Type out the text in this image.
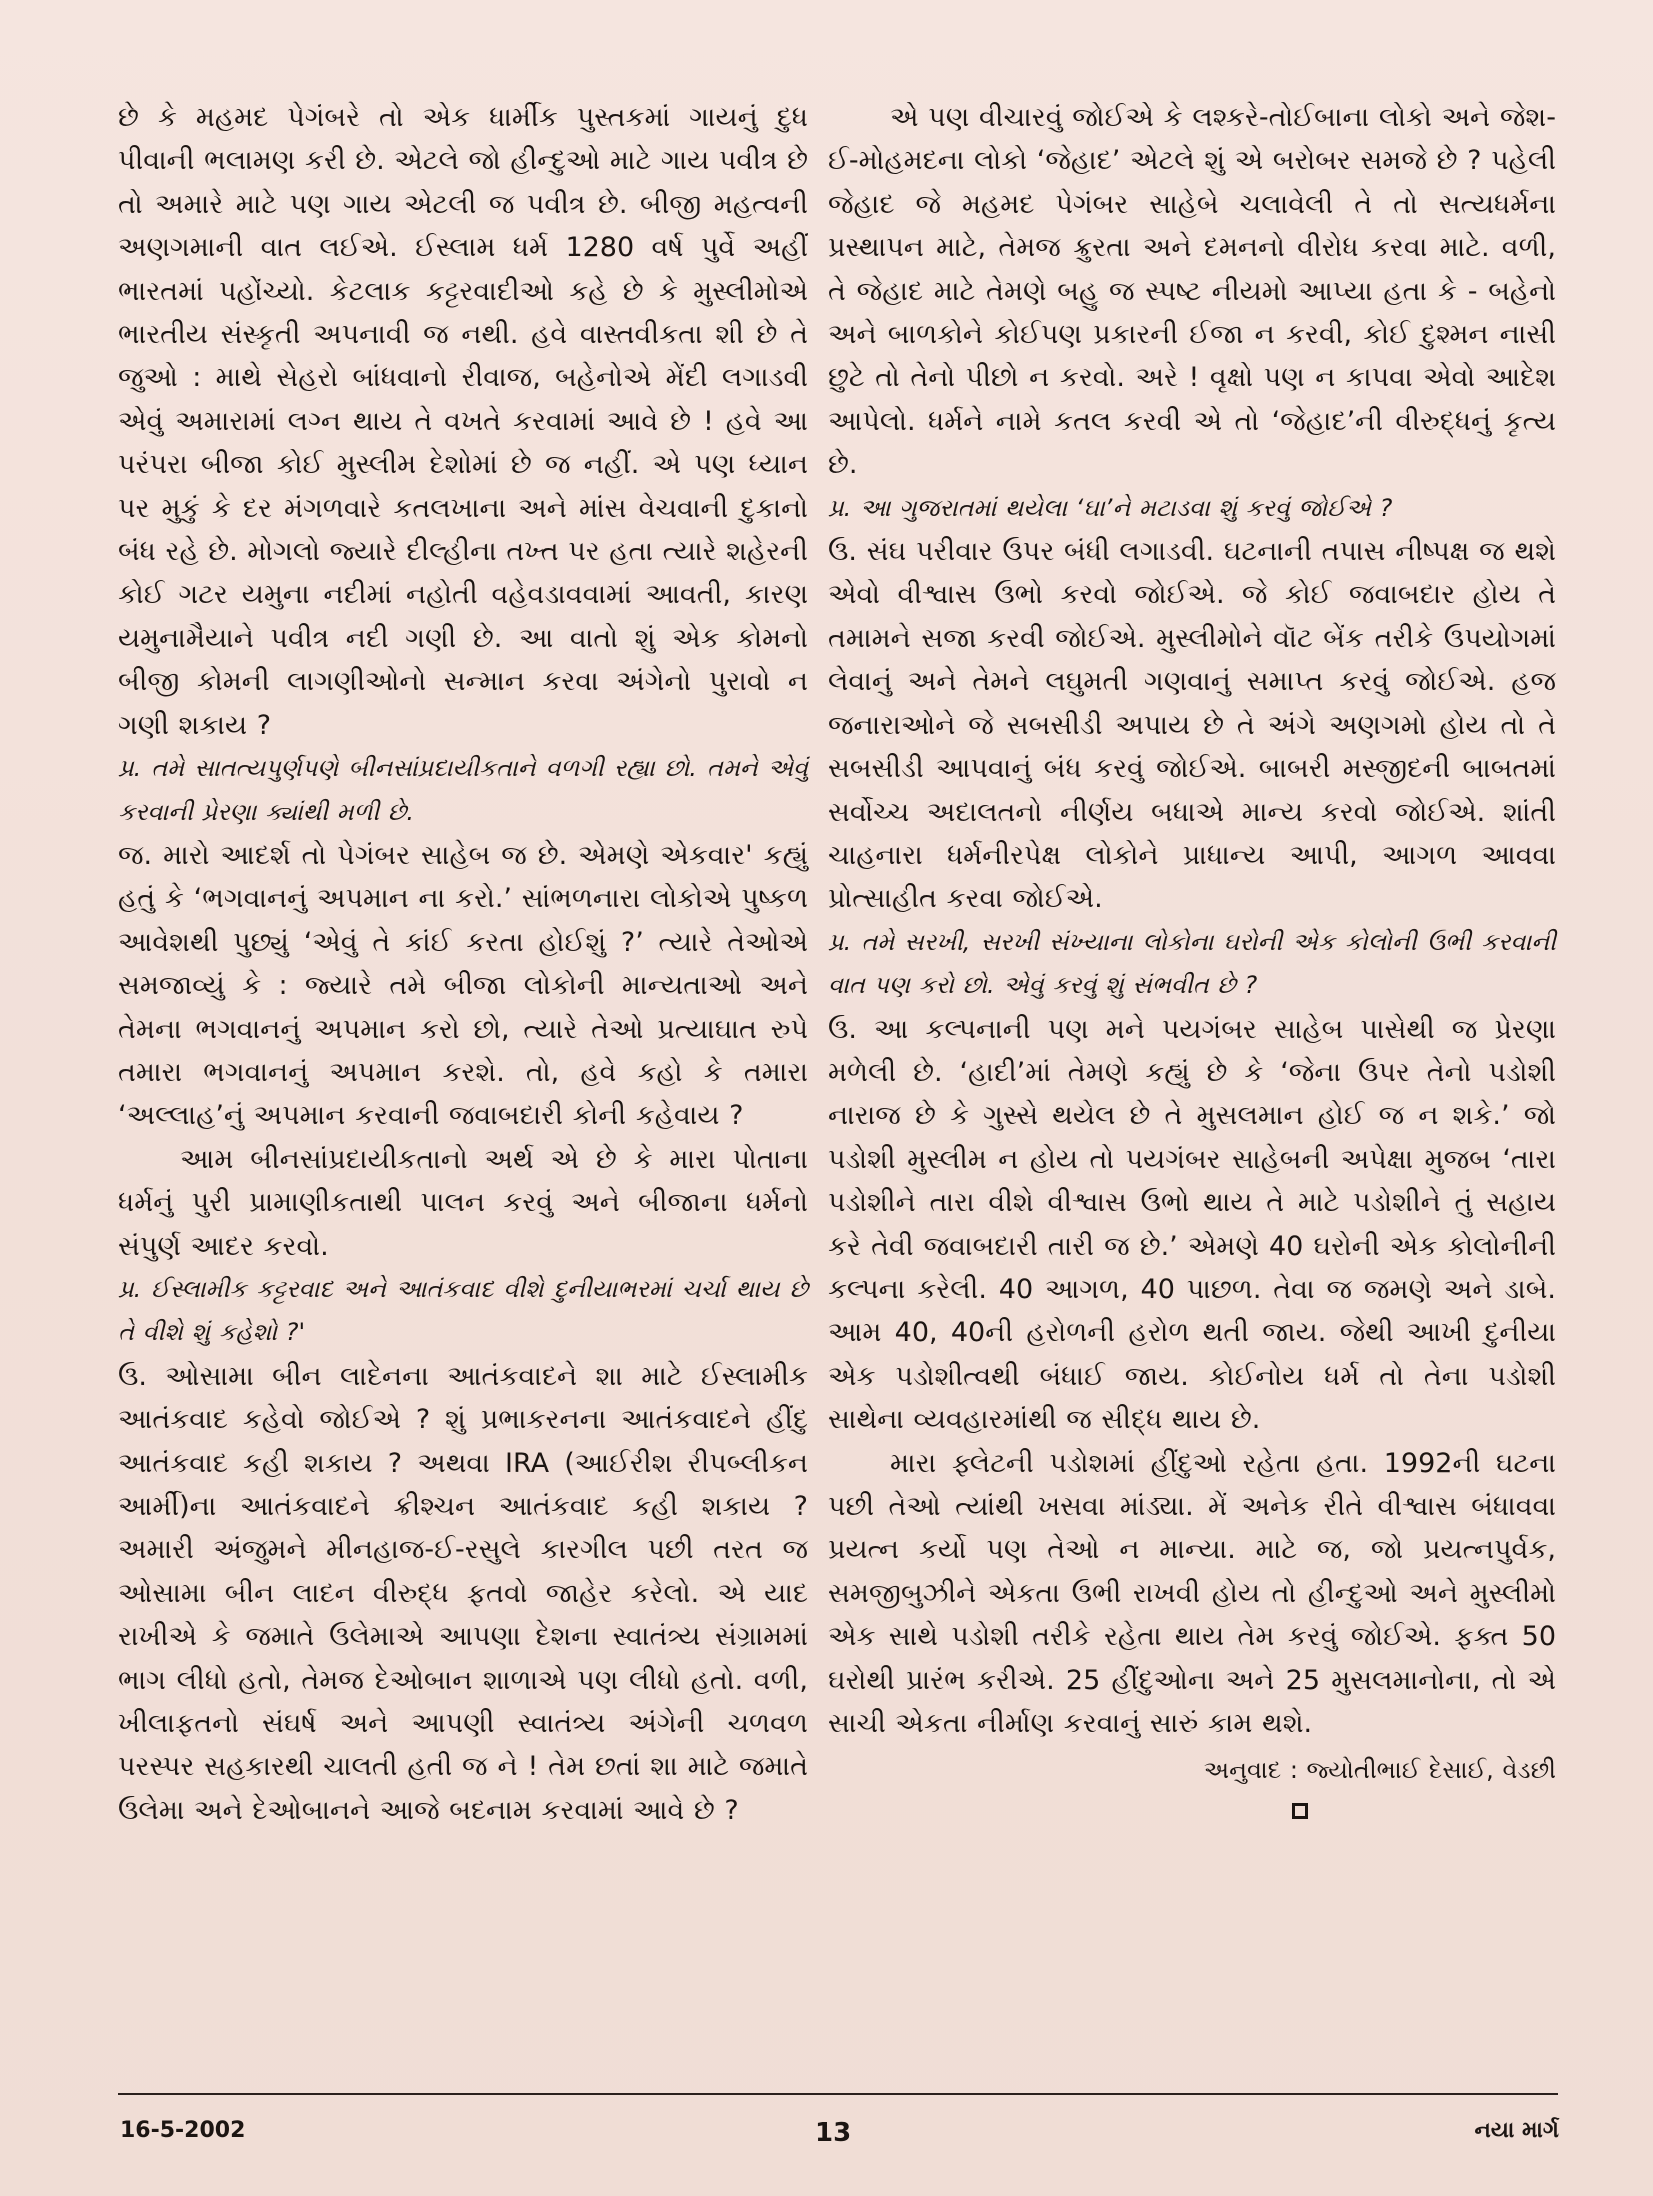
છે કે મહમદ પેગંબરે તો એક ધાર્મીક પુસ્તકમાં ગાયનું દુધ પીવાની ભલામણ કરી છે. એટલે જો હીન્દુઓ માટે ગાય પવીત્ર છે તો અમારે માટે પણ ગાય એટલી જ પવીત્ર છે. બીજી મહત્વની અણગમાની વાત લઈએ. ઈસ્લામ ધર્મ 1280 વર્ષ પુર્વે અહીં ભારતમાં પહોંચ્યો. કેટલાક કટ્ટરવાદીઓ કહે છે કે મુસ્લીમોએ ભારતીય સંસ્કૃતી અપનાવી જ નથી. હવે વાસ્તવીકતા શી છે તે જુઓ : માથે સેહરો બાંધવાનો રીવાજ, બહેનોએ મેંદી લગાડવી એવું અમારામાં લગ્ન થાય તે વખતે કરવામાં આવે છે ! હવે આ પરંપરા બીજા કોઈ મુસ્લીમ દેશોમાં છે જ નહીં. એ પણ ધ્યાન પર મુકું કે દર મંગળવારે કતલખાના અને માંસ વેચવાની દુકાનો બંધ રહે છે. મોગલો જ્યારે દીલ્હીના તખ્ત પર હતા ત્યારે શહેરની કોઈ ગટર યમુના નદીમાં નહોતી વહેવડાવવામાં આવતી, કારણ યમુનામૈયાને પવીત્ર નદી ગણી છે. આ વાતો શું એક કોમનો બીજી કોમની લાગણીઓનો સન્માન કરવા અંગેનો પુરાવો ન ગણી શકાય ?

પ્ર. તમે સાતત્યપુર્ણપણે બીનસાંપ્રદાયીકતાને વળગી રહ્યા છો. તમને એવું કરવાની પ્રેરણા ક્યાંથી મળી છે.

જ. મારો આદર્શ તો પેગંબર સાહેબ જ છે. એમણે એકવાર' કહ્યું હતું કે ‘ભગવાનનું અપમાન ના કરો.’ સાંભળનારા લોકોએ પુષ્કળ આવેશથી પુછ્યું ‘એવું તે કાંઈ કરતા હોઈશું ?’ ત્યારે તેઓએ સમજાવ્યું કે : જ્યારે તમે બીજા લોકોની માન્યતાઓ અને તેમના ભગવાનનું અપમાન કરો છો, ત્યારે તેઓ પ્રત્યાઘાત રુપે તમારા ભગવાનનું અપમાન કરશે. તો, હવે કહો કે તમારા ‘અલ્લાહ’નું અપમાન કરવાની જવાબદારી કોની કહેવાય ?

આમ બીનસાંપ્રદાયીકતાનો અર્થ એ છે કે મારા પોતાના ધર્મનું પુરી પ્રામાણીકતાથી પાલન કરવું અને બીજાના ધર્મનો સંપુર્ણ આદર કરવો.

પ્ર. ઈસ્લામીક કટ્ટરવાદ અને આતંકવાદ વીશે દુનીયાભરમાં ચર્ચા થાય છે તે વીશે શું કહેશો ?'

ઉ. ઓસામા બીન લાદેનના આતંકવાદને શા માટે ઈસ્લામીક આતંકવાદ કહેવો જોઈએ ? શું પ્રભાકરનના આતંકવાદને હીંદુ આતંકવાદ કહી શકાય ? અથવા IRA (આઈરીશ રીપબ્લીકન આર્મી)ના આતંકવાદને ક્રીશ્ચન આતંકવાદ કહી શકાય ? અમારી અંજુમને મીનહાજ-ઈ-રસુલે કારગીલ પછી તરત જ ઓસામા બીન લાદન વીરુદ્ધ ફતવો જાહેર કરેલો. એ યાદ રાખીએ કે જમાતે ઉલેમાએ આપણા દેશના સ્વાતંત્ર્ય સંગ્રામમાં ભાગ લીધો હતો, તેમજ દેઓબાન શાળાએ પણ લીધો હતો. વળી, ખીલાફતનો સંઘર્ષ અને આપણી સ્વાતંત્ર્ય અંગેની ચળવળ પરસ્પર સહકારથી ચાલતી હતી જ ને ! તેમ છતાં શા માટે જમાતે ઉલેમા અને દેઓબાનને આજે બદનામ કરવામાં આવે છે ?

એ પણ વીચારવું જોઈએ કે લશ્કરે-તોઈબાના લોકો અને જેશ-ઈ-મોહમદના લોકો ‘જેહાદ’ એટલે શું એ બરોબર સમજે છે ? પહેલી જેહાદ જે મહમદ પેગંબર સાહેબે ચલાવેલી તે તો સત્યધર્મના પ્રસ્થાપન માટે, તેમજ ક્રુરતા અને દમનનો વીરોધ કરવા માટે. વળી, તે જેહાદ માટે તેમણે બહુ જ સ્પષ્ટ નીયમો આપ્યા હતા કે - બહેનો અને બાળકોને કોઈપણ પ્રકારની ઈજા ન કરવી, કોઈ દુશ્મન નાસી છુટે તો તેનો પીછો ન કરવો. અરે ! વૃક્ષો પણ ન કાપવા એવો આદેશ આપેલો. ધર્મને નામે કતલ કરવી એ તો ‘જેહાદ’ની વીરુદ્ધનું કૃત્ય છે.

પ્ર. આ ગુજરાતમાં થયેલા ‘ઘા’ને મટાડવા શું કરવું જોઈએ ?

ઉ. સંઘ પરીવાર ઉપર બંધી લગાડવી. ઘટનાની તપાસ નીષ્પક્ષ જ થશે એવો વીશ્વાસ ઉભો કરવો જોઈએ. જે કોઈ જવાબદાર હોય તે તમામને સજા કરવી જોઈએ. મુસ્લીમોને વૉટ બેંક તરીકે ઉપયોગમાં લેવાનું અને તેમને લઘુમતી ગણવાનું સમાપ્ત કરવું જોઈએ. હજ જનારાઓને જે સબસીડી અપાય છે તે અંગે અણગમો હોય તો તે સબસીડી આપવાનું બંધ કરવું જોઈએ. બાબરી મસ્જીદની બાબતમાં સર્વોચ્ચ અદાલતનો નીર્ણય બધાએ માન્ય કરવો જોઈએ. શાંતી ચાહનારા ધર્મનીરપેક્ષ લોકોને પ્રાધાન્ય આપી, આગળ આવવા પ્રોત્સાહીત કરવા જોઈએ.

પ્ર. તમે સરખી, સરખી સંખ્યાના લોકોના ઘરોની એક કોલોની ઉભી કરવાની વાત પણ કરો છો. એવું કરવું શું સંભવીત છે ?

ઉ. આ કલ્પનાની પણ મને પયગંબર સાહેબ પાસેથી જ પ્રેરણા મળેલી છે. ‘હાદી’માં તેમણે કહ્યું છે કે ‘જેના ઉપર તેનો પડોશી નારાજ છે કે ગુસ્સે થયેલ છે તે મુસલમાન હોઈ જ ન શકે.’ જો પડોશી મુસ્લીમ ન હોય તો પયગંબર સાહેબની અપેક્ષા મુજબ ‘તારા પડોશીને તારા વીશે વીશ્વાસ ઉભો થાય તે માટે પડોશીને તું સહાય કરે તેવી જવાબદારી તારી જ છે.’ એમણે 40 ઘરોની એક કોલોનીની કલ્પના કરેલી. 40 આગળ, 40 પાછળ. તેવા જ જમણે અને ડાબે. આમ 40, 40ની હરોળની હરોળ થતી જાય. જેથી આખી દુનીયા એક પડોશીત્વથી બંધાઈ જાય. કોઈનોય ધર્મ તો તેના પડોશી સાથેના વ્યવહારમાંથી જ સીદ્ધ થાય છે.

મારા ફ્લેટની પડોશમાં હીંદુઓ રહેતા હતા. 1992ની ઘટના પછી તેઓ ત્યાંથી ખસવા માંડ્યા. મેં અનેક રીતે વીશ્વાસ બંધાવવા પ્રયત્ન કર્યો પણ તેઓ ન માન્યા. માટે જ, જો પ્રયત્નપુર્વક, સમજીબુઝીને એકતા ઉભી રાખવી હોય તો હીન્દુઓ અને મુસ્લીમો એક સાથે પડોશી તરીકે રહેતા થાય તેમ કરવું જોઈએ. ફક્ત 50 ઘરોથી પ્રારંભ કરીએ. 25 હીંદુઓના અને 25 મુસલમાનોના, તો એ સાચી એકતા નીર્માણ કરવાનું સારું કામ થશે.

અનુવાદ : જ્યોતીભાઈ દેસાઈ, વેડછી

16-5-2002	13	નયા માર્ગ
